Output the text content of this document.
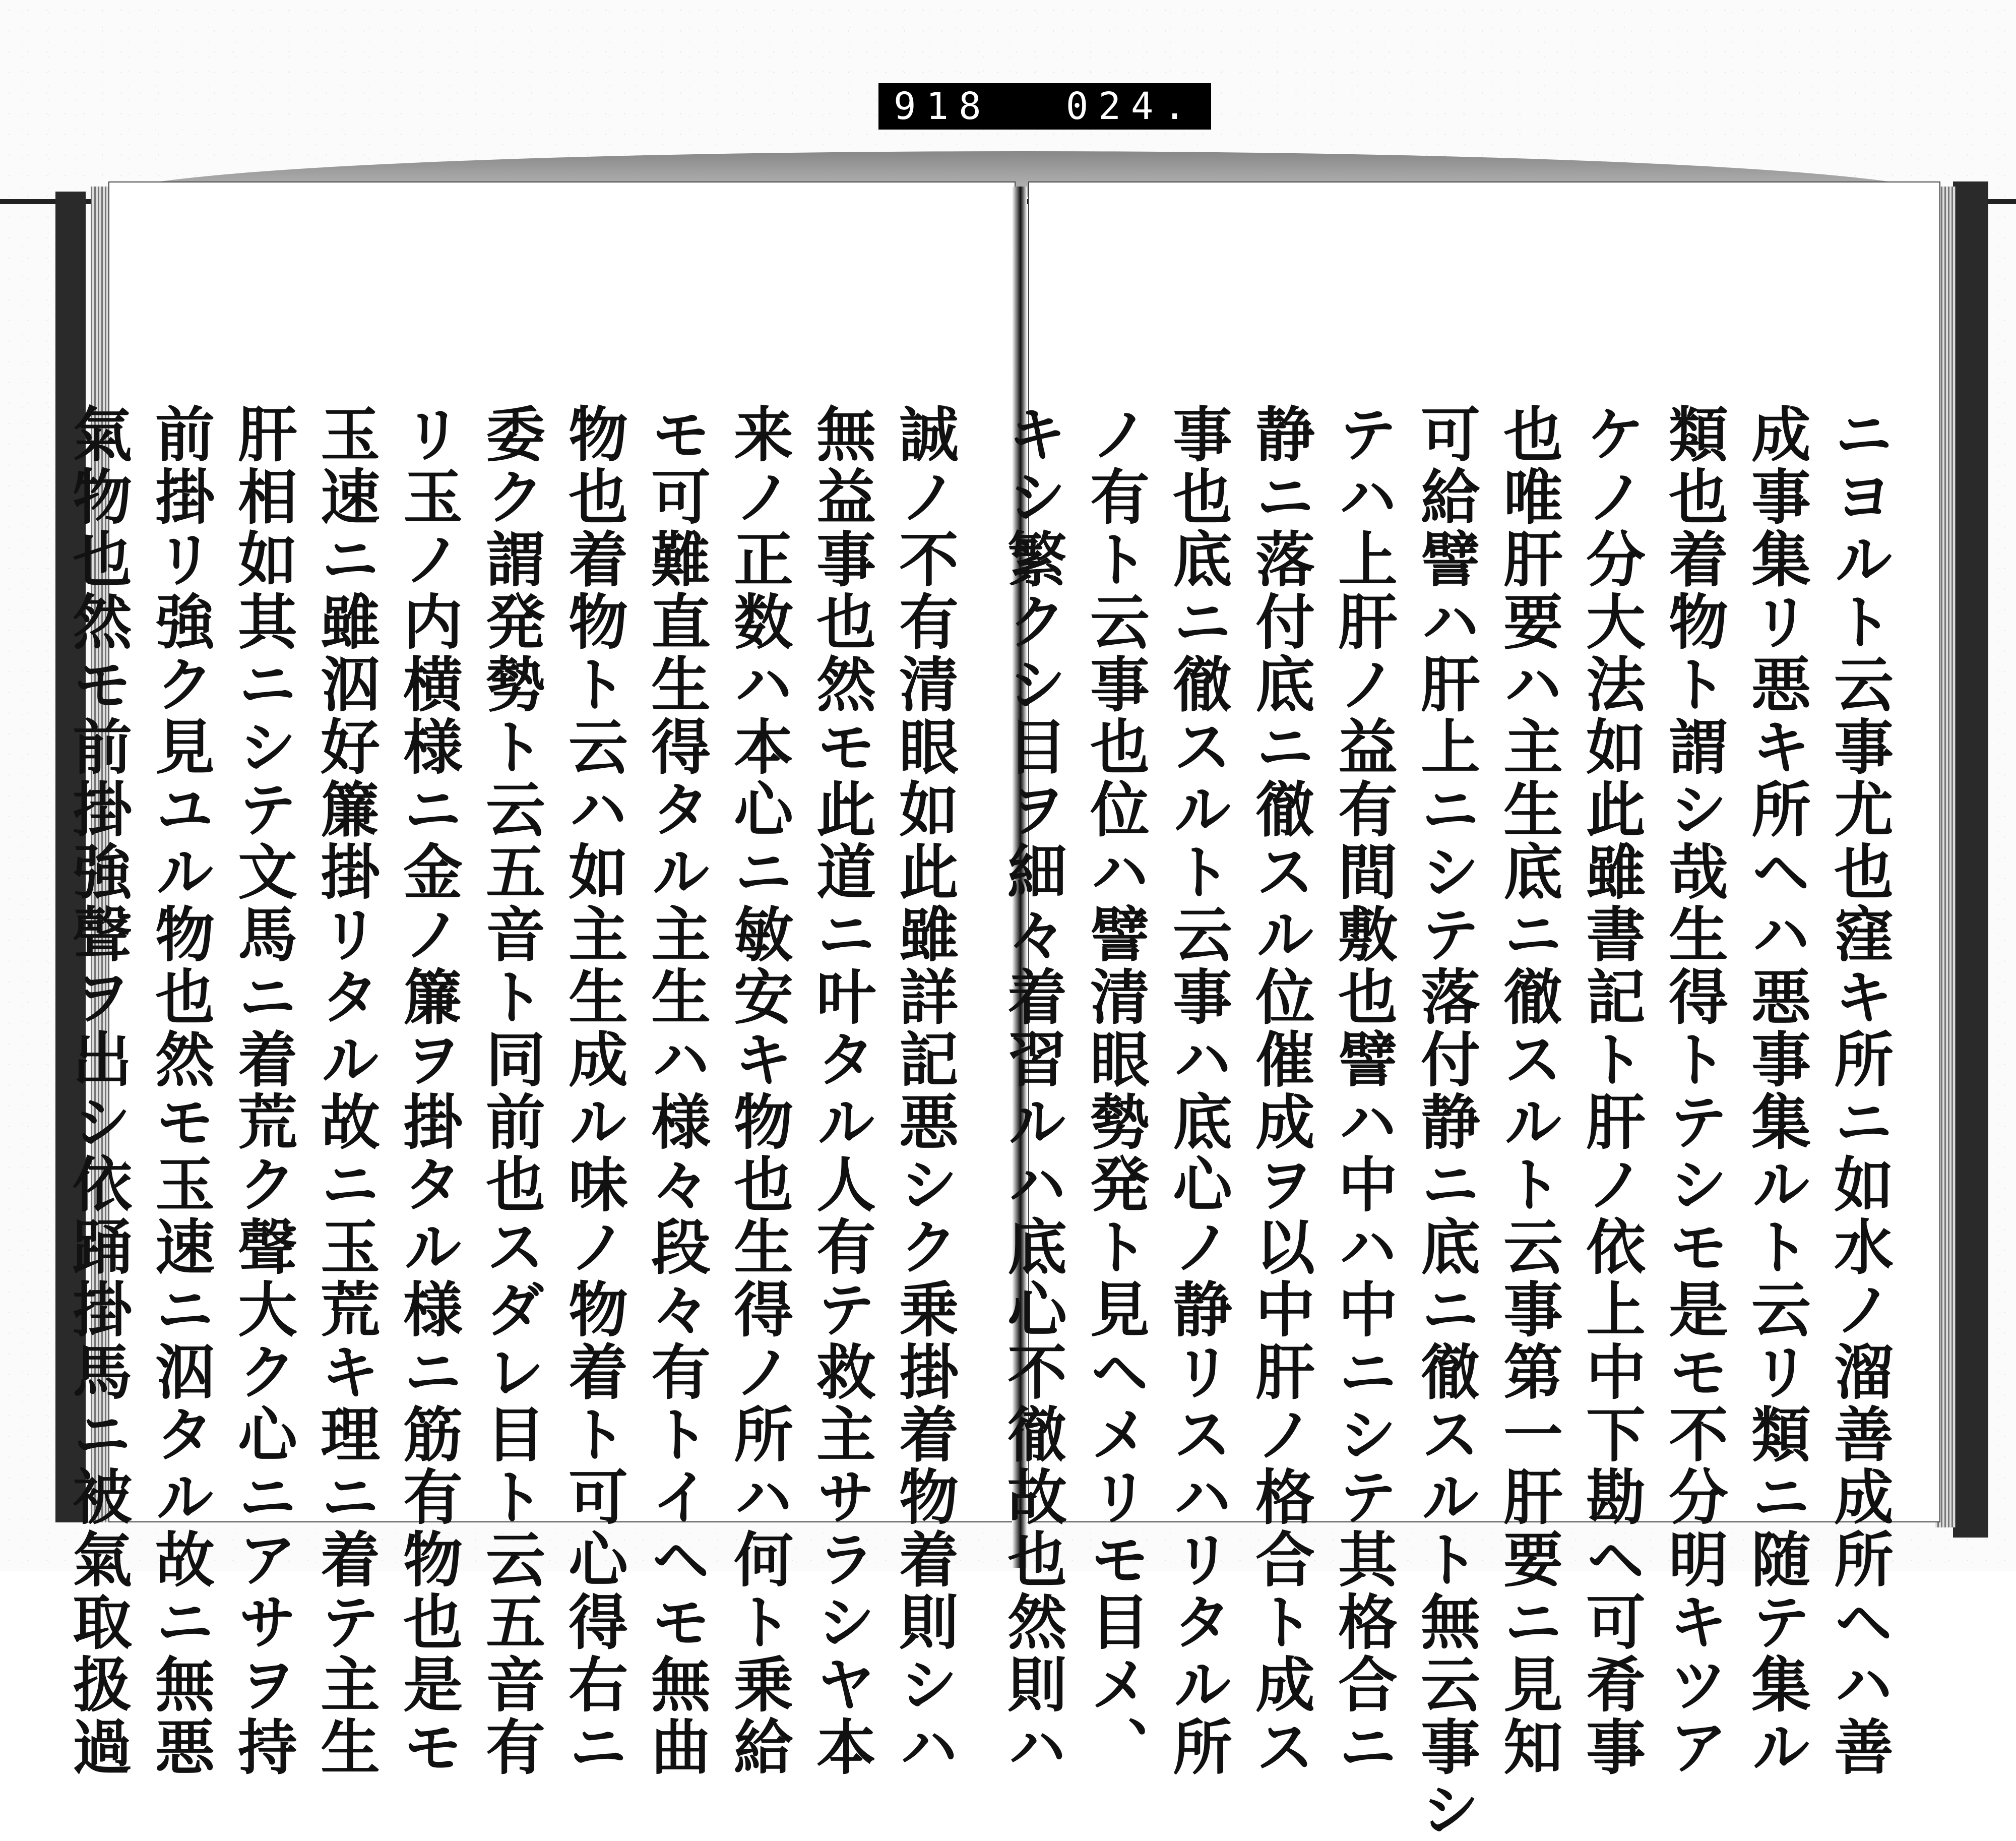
918 024.
ニヨルト云事尤也窪キ所ニ如水ノ溜善成所ヘハ善
成事集リ悪キ所ヘハ悪事集ルト云リ類ニ随テ集ル
類也着物ト謂シ哉生得トテシモ是モ不分明キツア
ケノ分大法如此雖書記ト肝ノ依上中下勘ヘ可肴事
也唯肝要ハ主生底ニ徹スルト云事第一肝要ニ見知
可給譬ハ肝上ニシテ落付静ニ底ニ徹スルト無云事シ
テハ上肝ノ益有間敷也譬ハ中ハ中ニシテ其格合ニ
静ニ落付底ニ徹スル位催成ヲ以中肝ノ格合ト成ス
事也底ニ徹スルト云事ハ底心ノ静リスハリタル所
ノ有ト云事也位ハ譬清眼勢発ト見ヘメリモ目メ、
キシ繁クシ目ヲ細々着習ルハ底心不徹故也然則ハ
誠ノ不有清眼如此雖詳記悪シク乗掛着物着則シハ
無益事也然モ此道ニ叶タル人有テ救主サラシヤ本
来ノ正数ハ本心ニ敏安キ物也生得ノ所ハ何ト乗給
モ可難直生得タル主生ハ様々段々有トイヘモ無曲
物也着物ト云ハ如主生成ル味ノ物着ト可心得右ニ
委ク謂発勢ト云五音ト同前也スダレ目ト云五音有
リ玉ノ内横様ニ金ノ簾ヲ掛タル様ニ筋有物也是モ
玉速ニ雖泅好簾掛リタル故ニ玉荒キ理ニ着テ主生
肝相如其ニシテ文馬ニ着荒ク聲大ク心ニアサヲ持
前掛リ強ク見ユル物也然モ玉速ニ泅タル故ニ無悪
氣物也然モ前掛強聲ヲ出シ依踊掛馬ニ被氣取扱過
